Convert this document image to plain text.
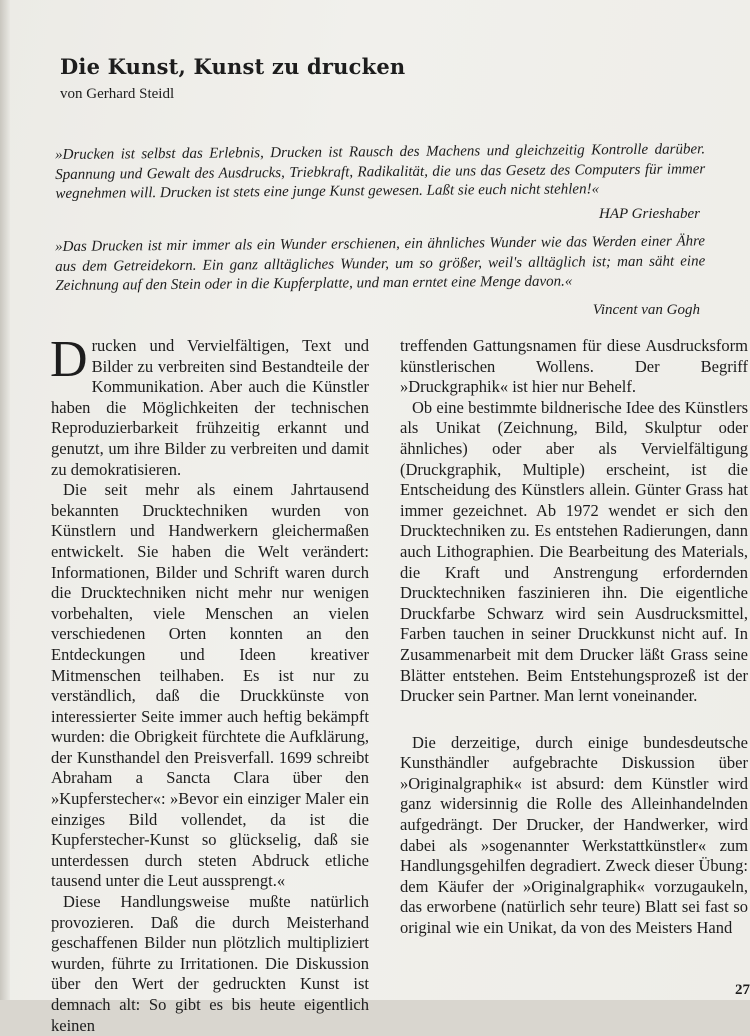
Die Kunst, Kunst zu drucken
von Gerhard Steidl
»Drucken ist selbst das Erlebnis, Drucken ist Rausch des Machens und gleichzeitig Kontrolle darüber. Spannung und Gewalt des Ausdrucks, Triebkraft, Radikalität, die uns das Gesetz des Computers für immer wegnehmen will. Drucken ist stets eine junge Kunst gewesen. Laßt sie euch nicht stehlen!«
HAP Grieshaber
»Das Drucken ist mir immer als ein Wunder erschienen, ein ähnliches Wunder wie das Werden einer Ähre aus dem Getreidekorn. Ein ganz alltägliches Wunder, um so größer, weil's alltäglich ist; man säht eine Zeichnung auf den Stein oder in die Kupferplatte, und man erntet eine Menge davon.«
Vincent van Gogh

Drucken und Vervielfältigen, Text und Bilder zu verbreiten sind Bestandteile der Kommunikation. Aber auch die Künstler haben die Möglichkeiten der technischen Reproduzierbarkeit frühzeitig erkannt und genutzt, um ihre Bilder zu verbreiten und damit zu demokratisieren.

Die seit mehr als einem Jahrtausend bekannten Drucktechniken wurden von Künstlern und Handwerkern gleichermaßen entwickelt. Sie haben die Welt verändert: Informationen, Bilder und Schrift waren durch die Drucktechniken nicht mehr nur wenigen vorbehalten, viele Menschen an vielen verschiedenen Orten konnten an den Entdeckungen und Ideen kreativer Mitmenschen teilhaben. Es ist nur zu verständlich, daß die Druckkünste von interessierter Seite immer auch heftig bekämpft wurden: die Obrigkeit fürchtete die Aufklärung, der Kunsthandel den Preisverfall. 1699 schreibt Abraham a Sancta Clara über den »Kupferstecher«: »Bevor ein einziger Maler ein einziges Bild vollendet, da ist die Kupferstecher-Kunst so glückselig, daß sie unterdessen durch steten Abdruck etliche tausend unter die Leut aussprengt.«

Diese Handlungsweise mußte natürlich provozieren. Daß die durch Meisterhand geschaffenen Bilder nun plötzlich multipliziert wurden, führte zu Irritationen. Die Diskussion über den Wert der gedruckten Kunst ist demnach alt: So gibt es bis heute eigentlich keinen

treffenden Gattungsnamen für diese Ausdrucksform künstlerischen Wollens. Der Begriff »Druckgraphik« ist hier nur Behelf.

Ob eine bestimmte bildnerische Idee des Künstlers als Unikat (Zeichnung, Bild, Skulptur oder ähnliches) oder aber als Vervielfältigung (Druckgraphik, Multiple) erscheint, ist die Entscheidung des Künstlers allein. Günter Grass hat immer gezeichnet. Ab 1972 wendet er sich den Drucktechniken zu. Es entstehen Radierungen, dann auch Lithographien. Die Bearbeitung des Materials, die Kraft und Anstrengung erfordernden Drucktechniken faszinieren ihn. Die eigentliche Druckfarbe Schwarz wird sein Ausdrucksmittel, Farben tauchen in seiner Druckkunst nicht auf. In Zusammenarbeit mit dem Drucker läßt Grass seine Blätter entstehen. Beim Entstehungsprozeß ist der Drucker sein Partner. Man lernt voneinander.

Die derzeitige, durch einige bundesdeutsche Kunsthändler aufgebrachte Diskussion über »Originalgraphik« ist absurd: dem Künstler wird ganz widersinnig die Rolle des Alleinhandelnden aufgedrängt. Der Drucker, der Handwerker, wird dabei als »sogenannter Werkstattkünstler« zum Handlungsgehilfen degradiert. Zweck dieser Übung: dem Käufer der »Originalgraphik« vorzugaukeln, das erworbene (natürlich sehr teure) Blatt sei fast so original wie ein Unikat, da von des Meisters Hand

27
